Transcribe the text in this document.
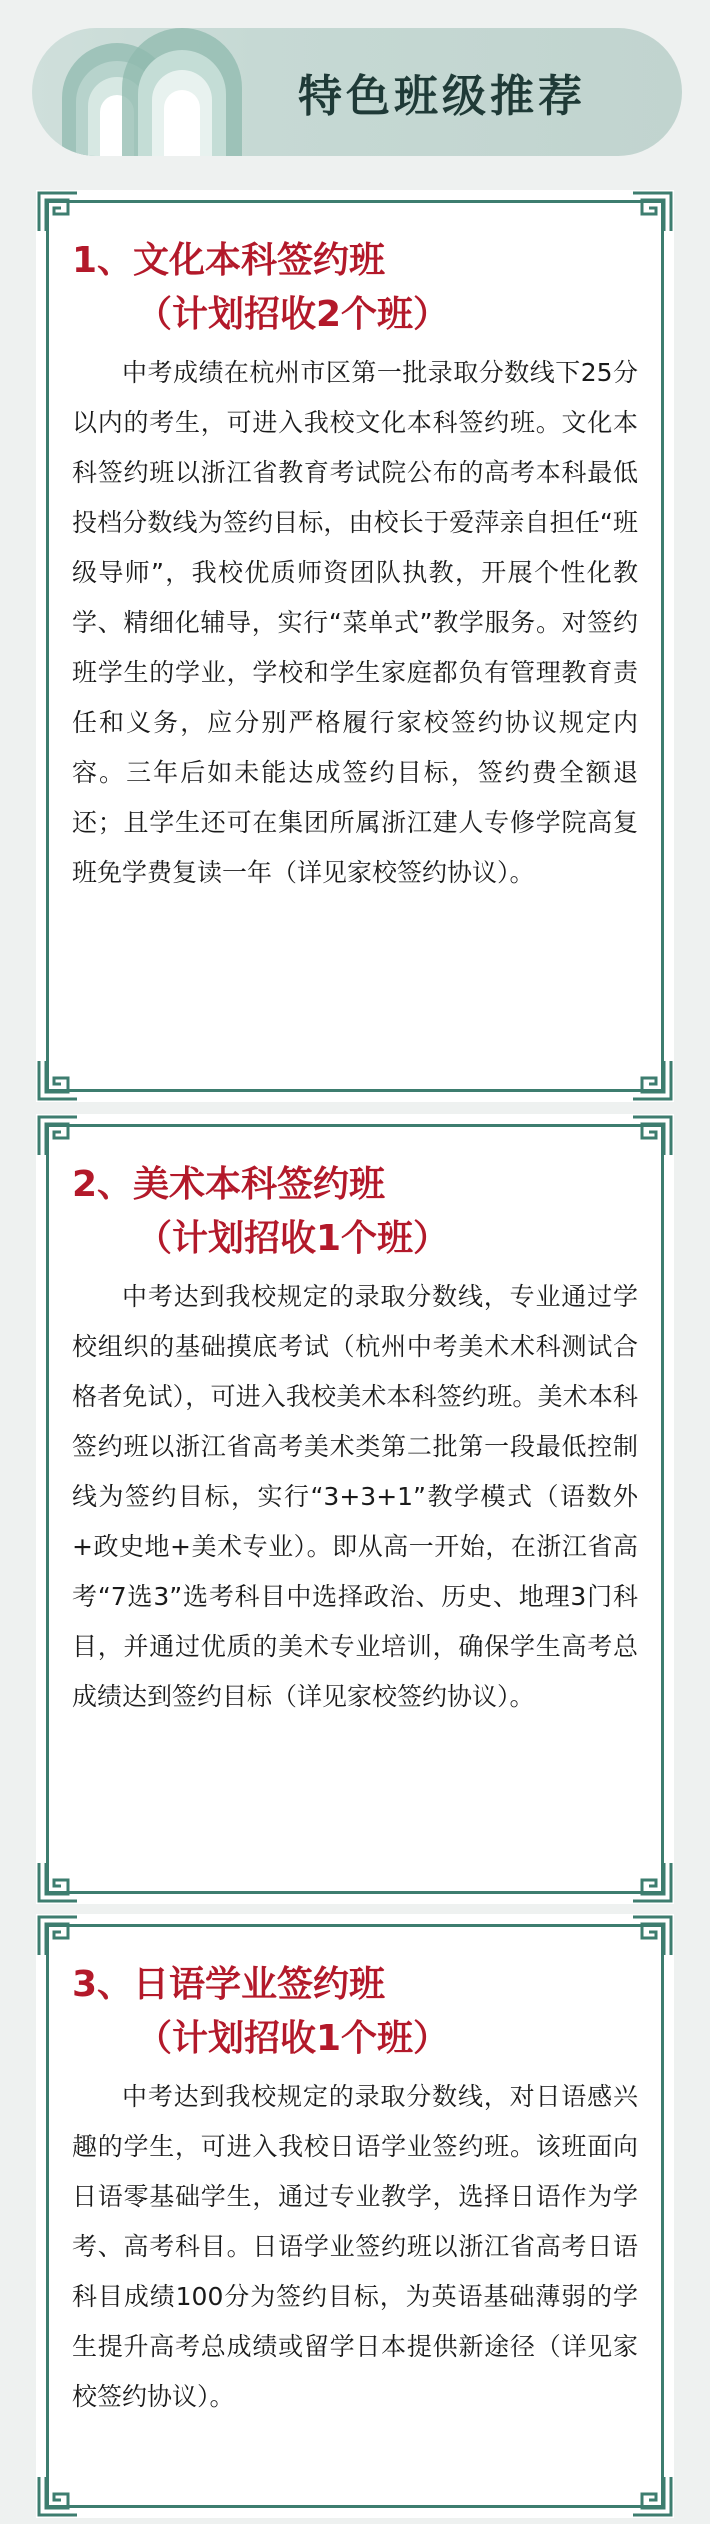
特色班级推荐

1、文化本科签约班

（计划招收2个班）

中考成绩在杭州市区第一批录取分数线下25分以内的考生，可进入我校文化本科签约班。文化本科签约班以浙江省教育考试院公布的高考本科最低投档分数线为签约目标，由校长于爱萍亲自担任“班级导师”，我校优质师资团队执教，开展个性化教学、精细化辅导，实行“菜单式”教学服务。对签约班学生的学业，学校和学生家庭都负有管理教育责任和义务，应分别严格履行家校签约协议规定内容。三年后如未能达成签约目标，签约费全额退还；且学生还可在集团所属浙江建人专修学院高复班免学费复读一年（详见家校签约协议）。

2、美术本科签约班

（计划招收1个班）

中考达到我校规定的录取分数线，专业通过学校组织的基础摸底考试（杭州中考美术术科测试合格者免试），可进入我校美术本科签约班。美术本科签约班以浙江省高考美术类第二批第一段最低控制线为签约目标，实行“3+3+1”教学模式（语数外+政史地+美术专业）。即从高一开始，在浙江省高考“7选3”选考科目中选择政治、历史、地理3门科目，并通过优质的美术专业培训，确保学生高考总成绩达到签约目标（详见家校签约协议）。

3、日语学业签约班

（计划招收1个班）

中考达到我校规定的录取分数线，对日语感兴趣的学生，可进入我校日语学业签约班。该班面向日语零基础学生，通过专业教学，选择日语作为学考、高考科目。日语学业签约班以浙江省高考日语科目成绩100分为签约目标，为英语基础薄弱的学生提升高考总成绩或留学日本提供新途径（详见家校签约协议）。
